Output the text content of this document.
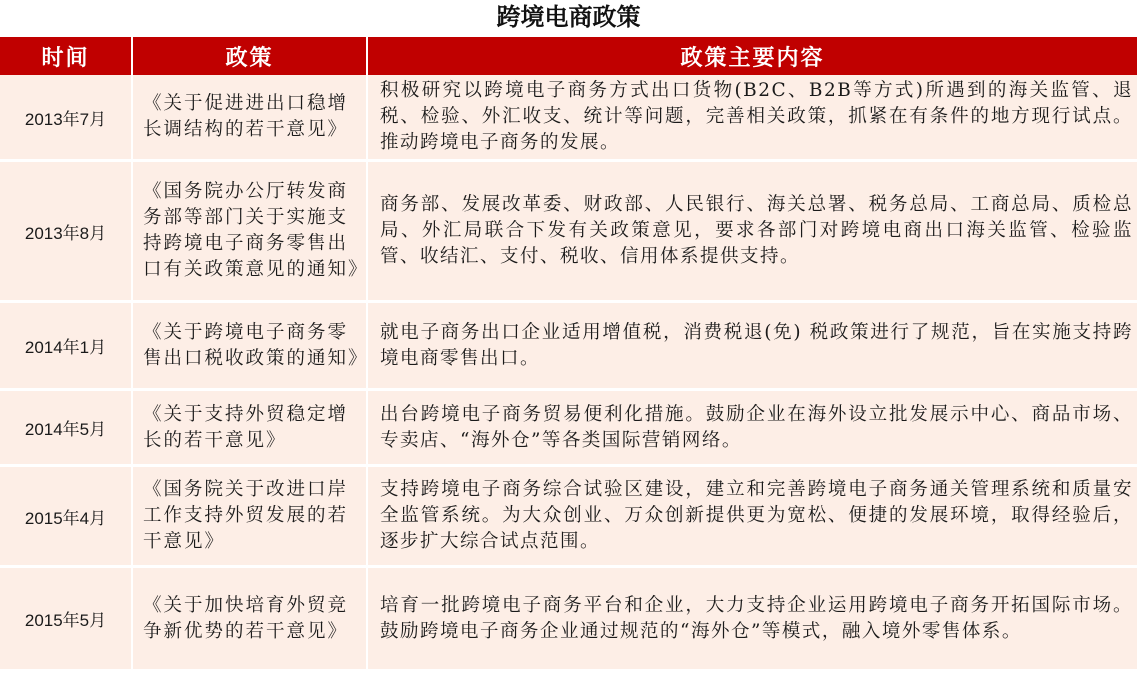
跨境电商政策
时间	政策	政策主要内容
2013年7月	《关于促进进出口稳增长调结构的若干意见》	积极研究以跨境电子商务方式出口货物(B2C、B2B等方式)所遇到的海关监管、退税、检验、外汇收支、统计等问题，完善相关政策，抓紧在有条件的地方现行试点。推动跨境电子商务的发展。
2013年8月	《国务院办公厅转发商务部等部门关于实施支持跨境电子商务零售出口有关政策意见的通知》	商务部、发展改革委、财政部、人民银行、海关总署、税务总局、工商总局、质检总局、外汇局联合下发有关政策意见，要求各部门对跨境电商出口海关监管、检验监管、收结汇、支付、税收、信用体系提供支持。
2014年1月	《关于跨境电子商务零售出口税收政策的通知》	就电子商务出口企业适用增值税，消费税退(免) 税政策进行了规范，旨在实施支持跨境电商零售出口。
2014年5月	《关于支持外贸稳定增长的若干意见》	出台跨境电子商务贸易便利化措施。鼓励企业在海外设立批发展示中心、商品市场、专卖店、“海外仓”等各类国际营销网络。
2015年4月	《国务院关于改进口岸工作支持外贸发展的若干意见》	支持跨境电子商务综合试验区建设，建立和完善跨境电子商务通关管理系统和质量安全监管系统。为大众创业、万众创新提供更为宽松、便捷的发展环境，取得经验后，逐步扩大综合试点范围。
2015年5月	《关于加快培育外贸竞争新优势的若干意见》	培育一批跨境电子商务平台和企业，大力支持企业运用跨境电子商务开拓国际市场。鼓励跨境电子商务企业通过规范的“海外仓”等模式，融入境外零售体系。
